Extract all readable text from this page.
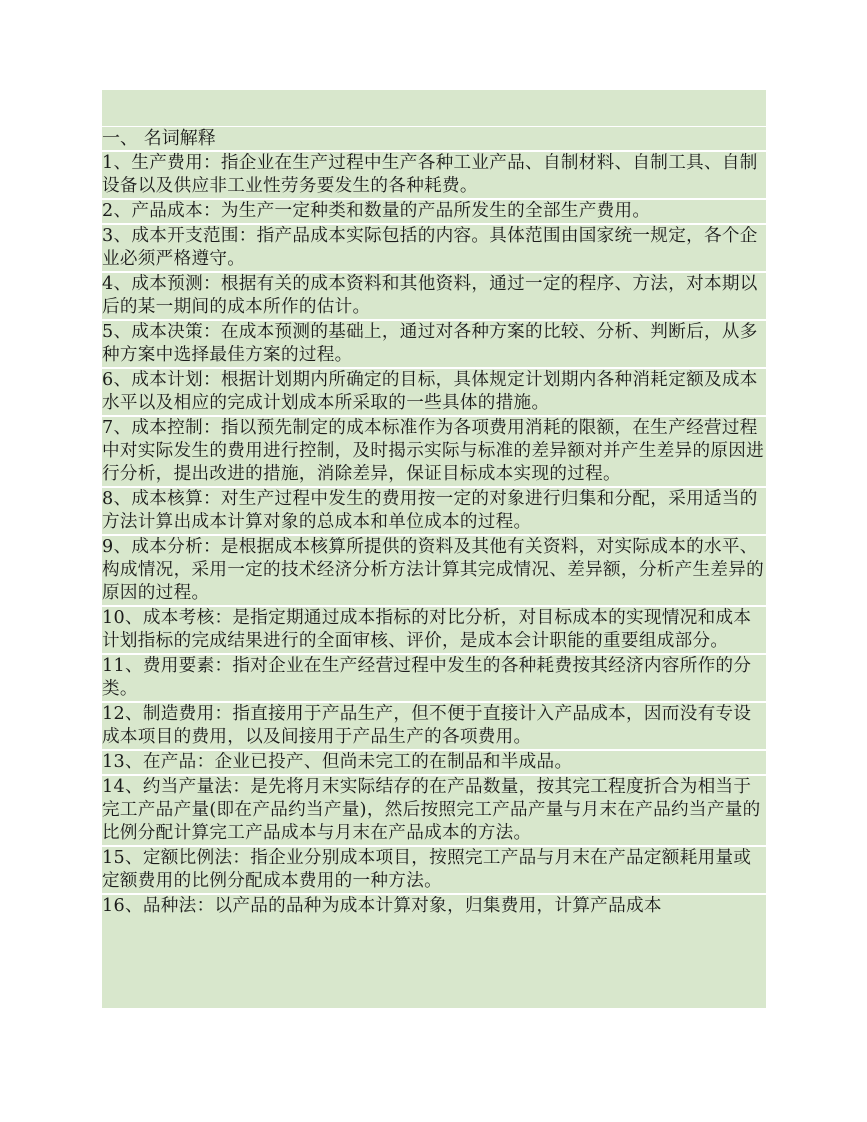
一、 名词解释
1、生产费用：指企业在生产过程中生产各种工业产品、自制材料、自制工具、自制设备以及供应非工业性劳务要发生的各种耗费。
2、产品成本：为生产一定种类和数量的产品所发生的全部生产费用。
3、成本开支范围：指产品成本实际包括的内容。具体范围由国家统一规定，各个企业必须严格遵守。
4、成本预测：根据有关的成本资料和其他资料，通过一定的程序、方法，对本期以后的某一期间的成本所作的估计。
5、成本决策：在成本预测的基础上，通过对各种方案的比较、分析、判断后，从多种方案中选择最佳方案的过程。
6、成本计划：根据计划期内所确定的目标，具体规定计划期内各种消耗定额及成本水平以及相应的完成计划成本所采取的一些具体的措施。
7、成本控制：指以预先制定的成本标准作为各项费用消耗的限额，在生产经营过程中对实际发生的费用进行控制，及时揭示实际与标准的差异额对并产生差异的原因进行分析，提出改进的措施，消除差异，保证目标成本实现的过程。
8、成本核算：对生产过程中发生的费用按一定的对象进行归集和分配，采用适当的方法计算出成本计算对象的总成本和单位成本的过程。
9、成本分析：是根据成本核算所提供的资料及其他有关资料，对实际成本的水平、构成情况，采用一定的技术经济分析方法计算其完成情况、差异额，分析产生差异的原因的过程。
10、成本考核：是指定期通过成本指标的对比分析，对目标成本的实现情况和成本计划指标的完成结果进行的全面审核、评价，是成本会计职能的重要组成部分。
11、费用要素：指对企业在生产经营过程中发生的各种耗费按其经济内容所作的分类。
12、制造费用：指直接用于产品生产，但不便于直接计入产品成本，因而没有专设成本项目的费用，以及间接用于产品生产的各项费用。
13、在产品：企业已投产、但尚未完工的在制品和半成品。
14、约当产量法：是先将月末实际结存的在产品数量，按其完工程度折合为相当于完工产品产量(即在产品约当产量)，然后按照完工产品产量与月末在产品约当产量的比例分配计算完工产品成本与月末在产品成本的方法。
15、定额比例法：指企业分别成本项目，按照完工产品与月末在产品定额耗用量或定额费用的比例分配成本费用的一种方法。
16、品种法：以产品的品种为成本计算对象，归集费用，计算产品成本
